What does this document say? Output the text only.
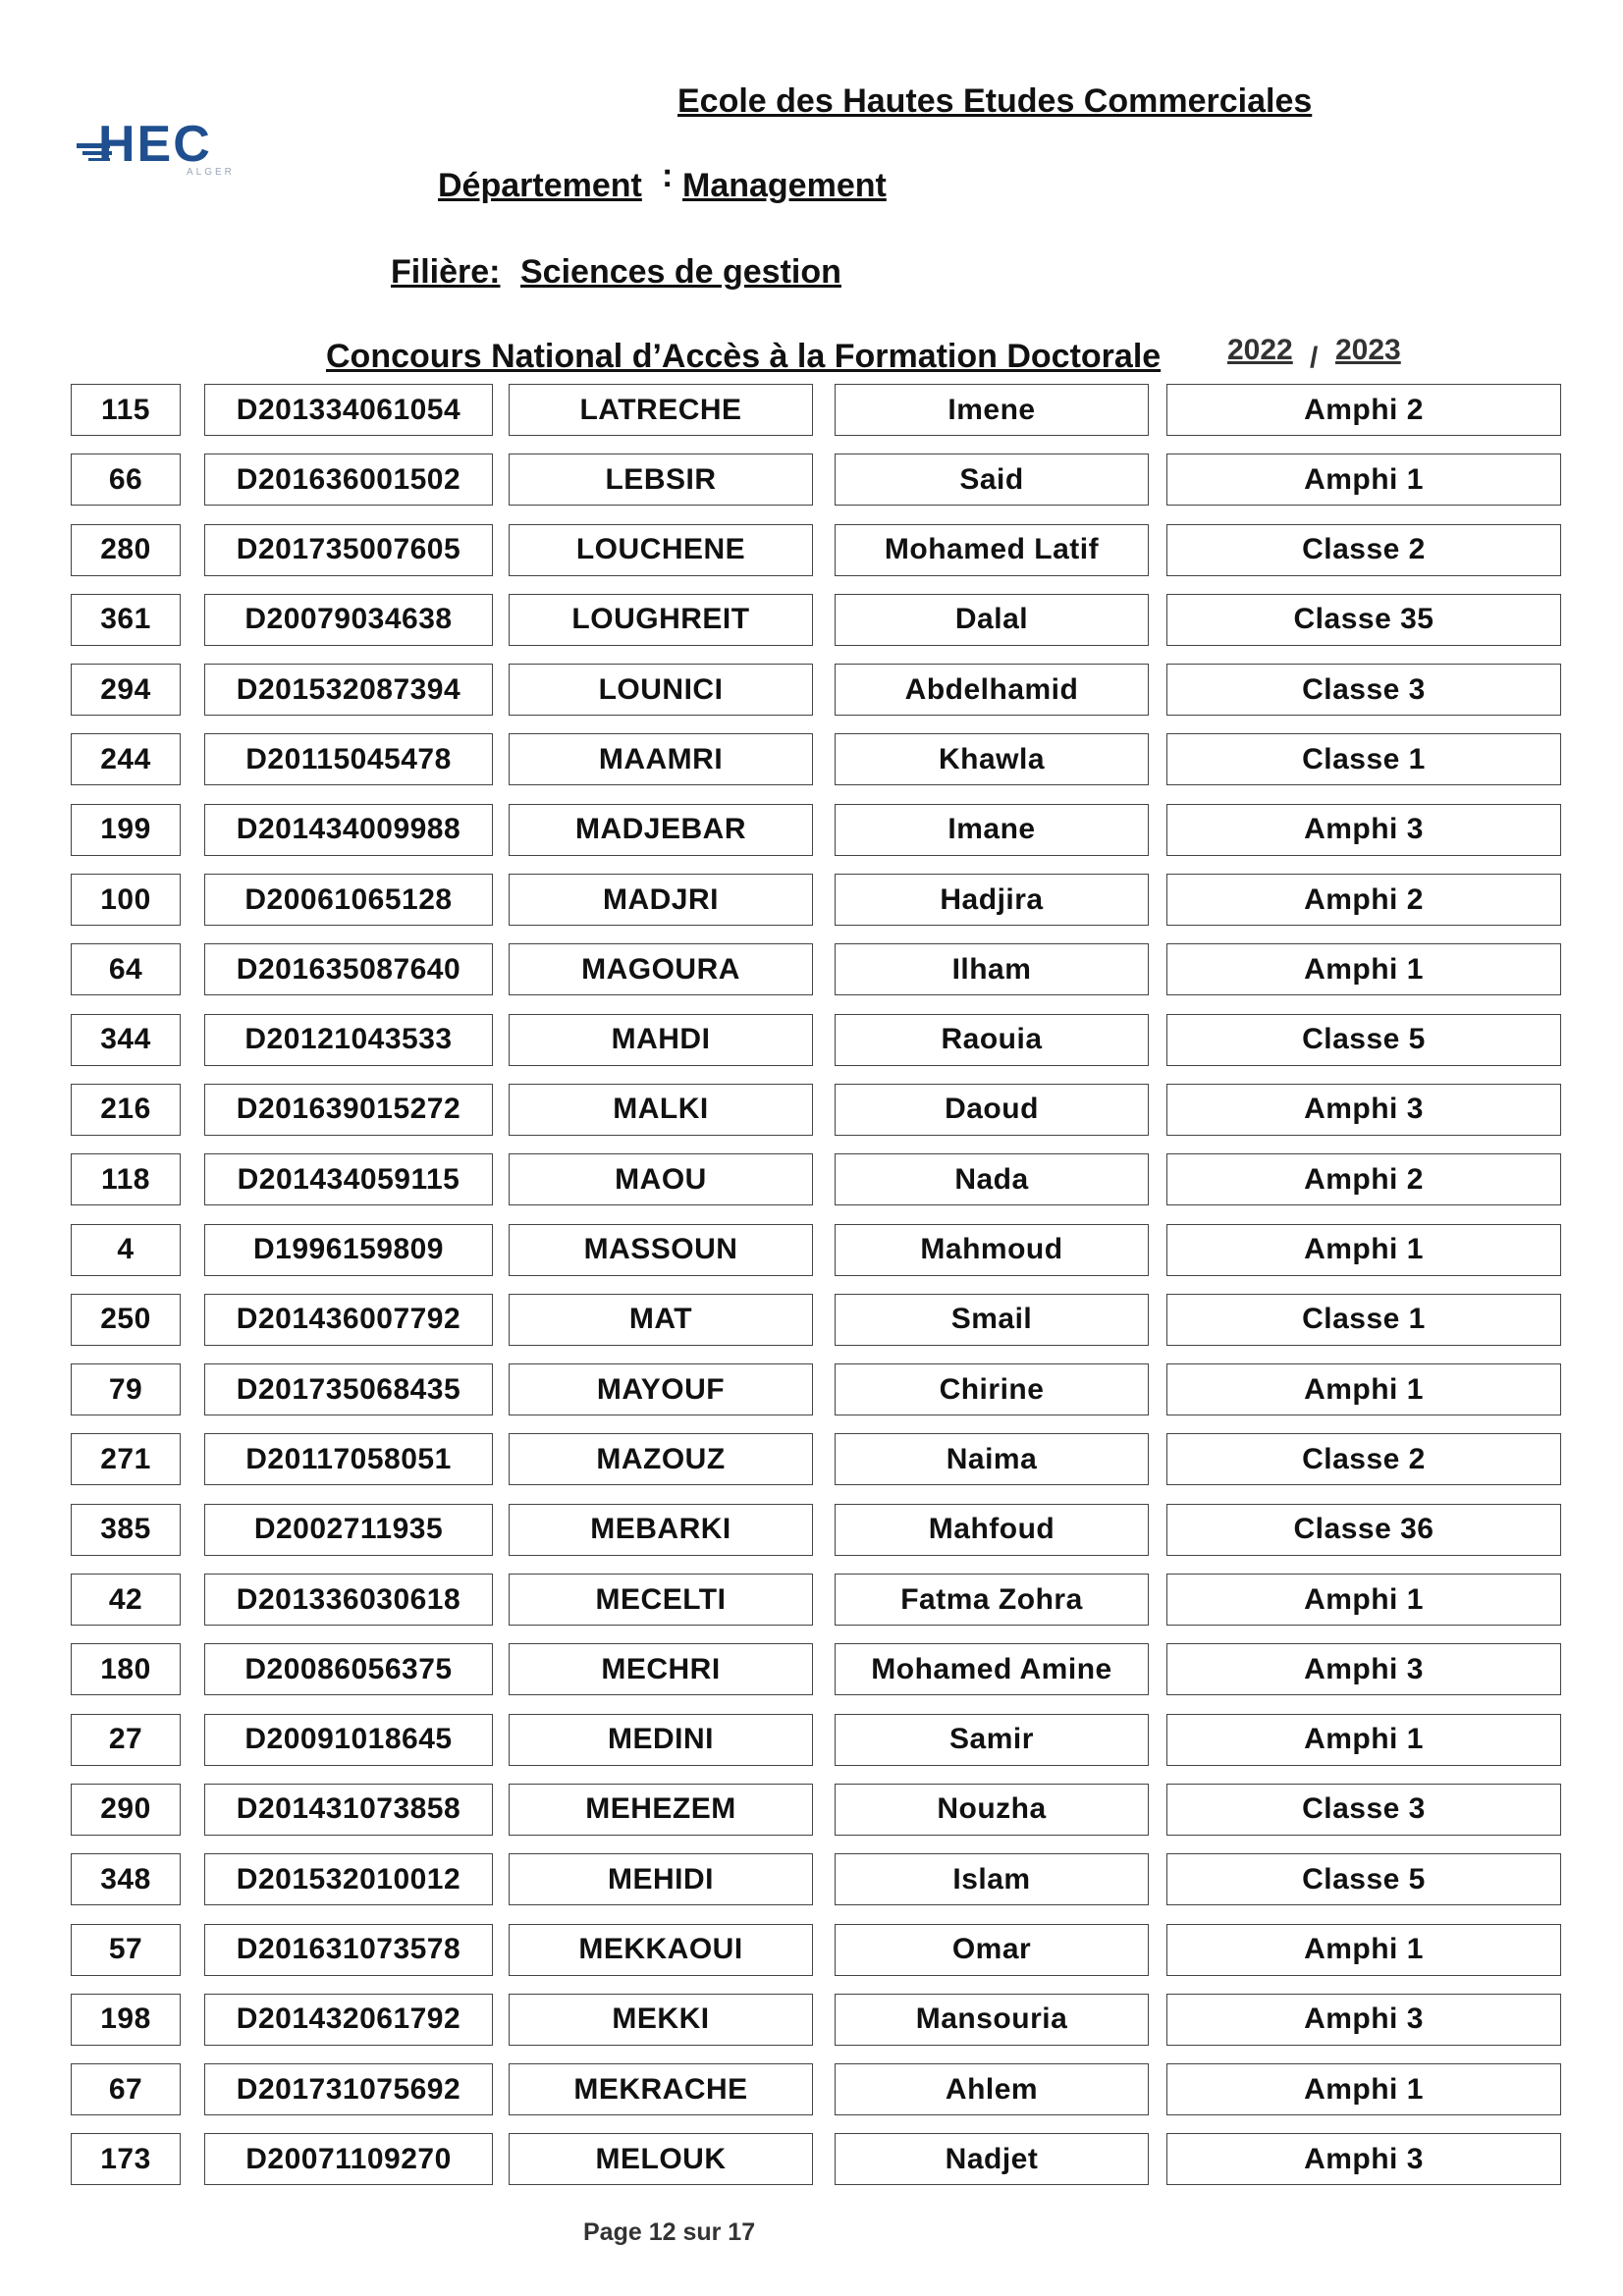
HEC
ALGER
Ecole des Hautes Etudes Commerciales
Département : Management
Filière: Sciences de gestion
Concours National d’Accès à la Formation Doctorale 2022 / 2023
115	D201334061054	LATRECHE	Imene	Amphi 2
66	D201636001502	LEBSIR	Said	Amphi 1
280	D201735007605	LOUCHENE	Mohamed Latif	Classe 2
361	D20079034638	LOUGHREIT	Dalal	Classe 35
294	D201532087394	LOUNICI	Abdelhamid	Classe 3
244	D20115045478	MAAMRI	Khawla	Classe 1
199	D201434009988	MADJEBAR	Imane	Amphi 3
100	D20061065128	MADJRI	Hadjira	Amphi 2
64	D201635087640	MAGOURA	Ilham	Amphi 1
344	D20121043533	MAHDI	Raouia	Classe 5
216	D201639015272	MALKI	Daoud	Amphi 3
118	D201434059115	MAOU	Nada	Amphi 2
4	D1996159809	MASSOUN	Mahmoud	Amphi 1
250	D201436007792	MAT	Smail	Classe 1
79	D201735068435	MAYOUF	Chirine	Amphi 1
271	D20117058051	MAZOUZ	Naima	Classe 2
385	D2002711935	MEBARKI	Mahfoud	Classe 36
42	D201336030618	MECELTI	Fatma Zohra	Amphi 1
180	D20086056375	MECHRI	Mohamed Amine	Amphi 3
27	D20091018645	MEDINI	Samir	Amphi 1
290	D201431073858	MEHEZEM	Nouzha	Classe 3
348	D201532010012	MEHIDI	Islam	Classe 5
57	D201631073578	MEKKAOUI	Omar	Amphi 1
198	D201432061792	MEKKI	Mansouria	Amphi 3
67	D201731075692	MEKRACHE	Ahlem	Amphi 1
173	D20071109270	MELOUK	Nadjet	Amphi 3
Page 12 sur 17
